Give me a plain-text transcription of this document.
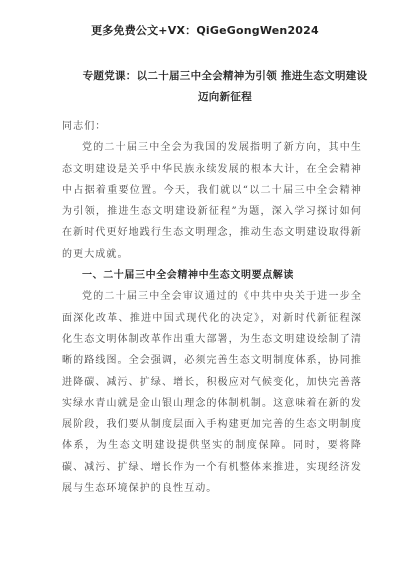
更多免费公文+VX：QiGeGongWen2024
专题党课：以二十届三中全会精神为引领 推进生态文明建设迈向新征程

同志们：

党的二十届三中全会为我国的发展指明了新方向，其中生态文明建设是关乎中华民族永续发展的根本大计，在全会精神中占据着重要位置。今天，我们就以“以二十届三中全会精神为引领，推进生态文明建设新征程”为题，深入学习探讨如何在新时代更好地践行生态文明理念，推动生态文明建设取得新的更大成就。

一、二十届三中全会精神中生态文明要点解读

党的二十届三中全会审议通过的《中共中央关于进一步全面深化改革、推进中国式现代化的决定》，对新时代新征程深化生态文明体制改革作出重大部署，为生态文明建设绘制了清晰的路线图。全会强调，必须完善生态文明制度体系，协同推进降碳、减污、扩绿、增长，积极应对气候变化，加快完善落实绿水青山就是金山银山理念的体制机制。这意味着在新的发展阶段，我们要从制度层面入手构建更加完善的生态文明制度体系，为生态文明建设提供坚实的制度保障。同时，要将降碳、减污、扩绿、增长作为一个有机整体来推进，实现经济发展与生态环境保护的良性互动。
